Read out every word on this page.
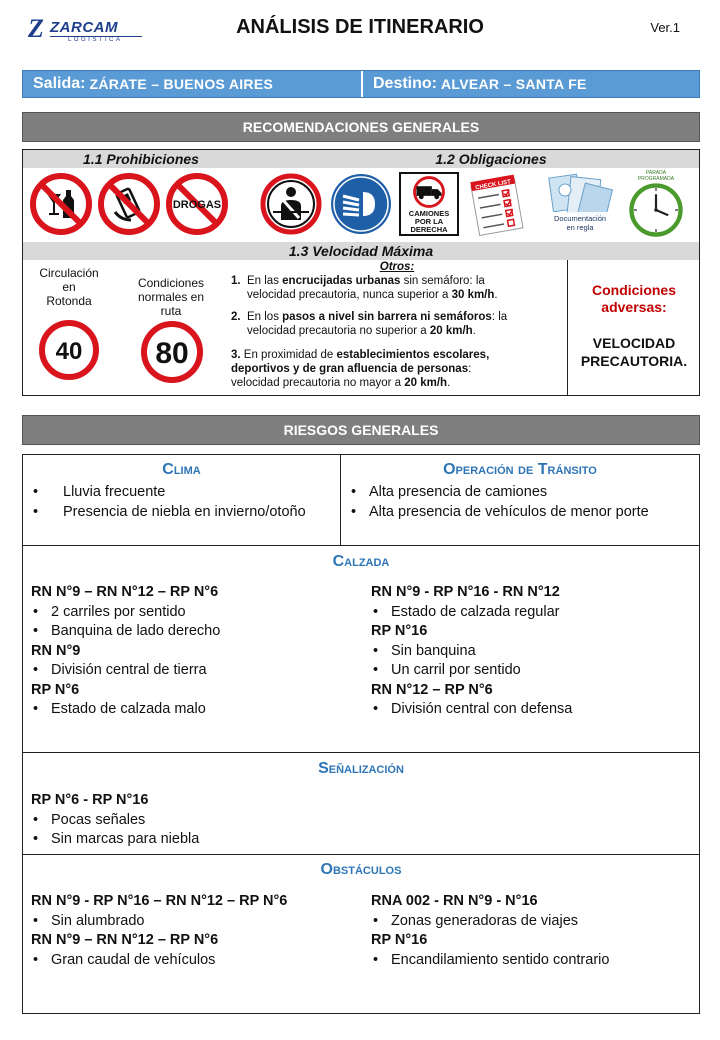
Z ZARCAM
LOGISTICA
ANÁLISIS DE ITINERARIO	Ver.1
Salida: ZÁRATE – BUENOS AIRES	Destino: ALVEAR – SANTA FE
RECOMENDACIONES GENERALES
1.1 Prohibiciones	1.2 Obligaciones
DROGAS
CAMIONES
POR LA
DERECHA
CHECK LIST
Documentación
en regla
PARADA
PROGRAMADA
1.3 Velocidad Máxima
Circulación
en
Rotonda
40
Condiciones
normales en
ruta
80
Otros:
1. En las encrucijadas urbanas sin semáforo: la
velocidad precautoria, nunca superior a 30 km/h.
2. En los pasos a nivel sin barrera ni semáforos: la
velocidad precautoria no superior a 20 km/h.
3. En proximidad de establecimientos escolares,
deportivos y de gran afluencia de personas:
velocidad precautoria no mayor a 20 km/h.
Condiciones
adversas:
VELOCIDAD
PRECAUTORIA.
RIESGOS GENERALES
Clima
• Lluvia frecuente
• Presencia de niebla en invierno/otoño
Operación de Tránsito
• Alta presencia de camiones
• Alta presencia de vehículos de menor porte
Calzada
RN N°9 – RN N°12 – RP N°6
• 2 carriles por sentido
• Banquina de lado derecho
RN N°9
• División central de tierra
RP N°6
• Estado de calzada malo
RN N°9 - RP N°16 - RN N°12
• Estado de calzada regular
RP N°16
• Sin banquina
• Un carril por sentido
RN N°12 – RP N°6
• División central con defensa
Señalización
RP N°6 - RP N°16
• Pocas señales
• Sin marcas para niebla
Obstáculos
RN N°9 - RP N°16 – RN N°12 – RP N°6
• Sin alumbrado
RN N°9 – RN N°12 – RP N°6
• Gran caudal de vehículos
RNA 002 - RN N°9 - N°16
• Zonas generadoras de viajes
RP N°16
• Encandilamiento sentido contrario
